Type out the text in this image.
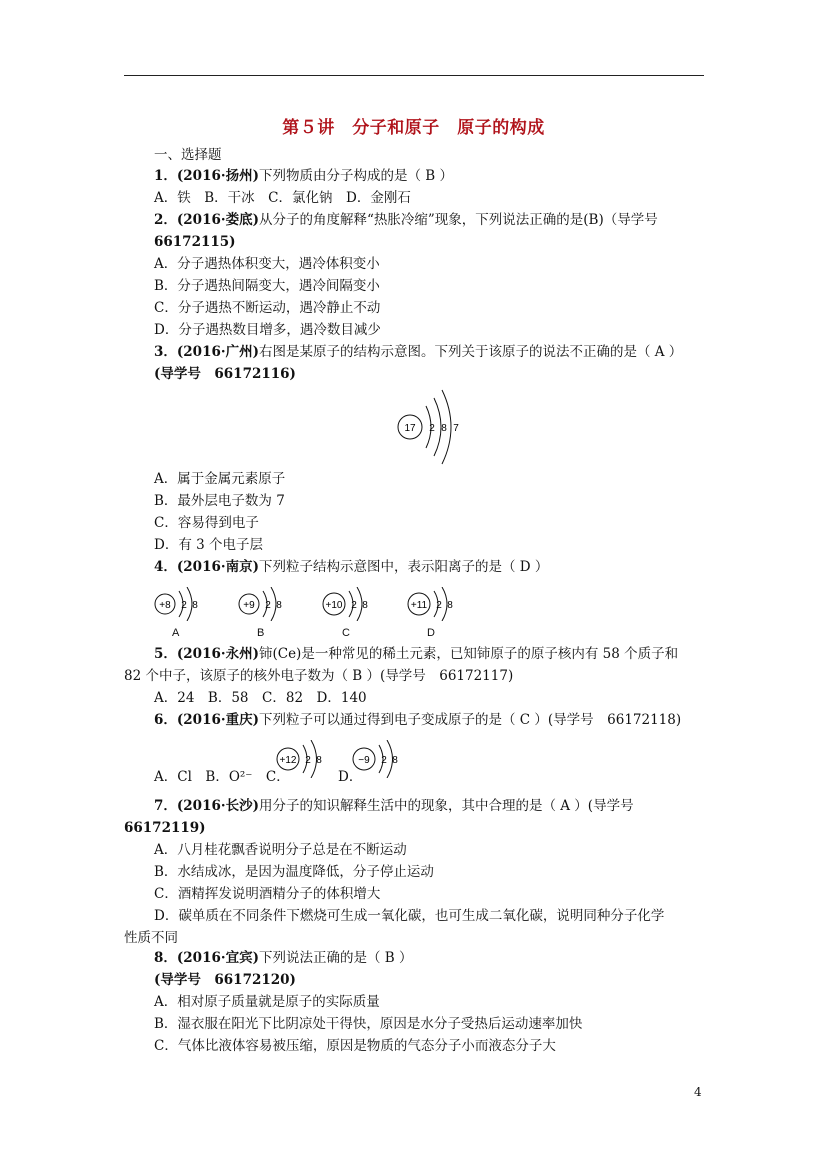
第５讲　分子和原子　原子的构成
一、选择题
1．(2016·扬州)下列物质由分子构成的是（ B ）
A．铁　B．干冰　C．氯化钠　D．金刚石
2．(2016·娄底)从分子的角度解释“热胀冷缩”现象，下列说法正确的是(B)（导学号
66172115)
A．分子遇热体积变大，遇冷体积变小
B．分子遇热间隔变大，遇冷间隔变小
C．分子遇热不断运动，遇冷静止不动
D．分子遇热数目增多，遇冷数目减少
3．(2016·广州)右图是某原子的结构示意图。下列关于该原子的说法不正确的是（ A ）
(导学号　66172116)
17 2 8 7
A．属于金属元素原子
B．最外层电子数为 7
C．容易得到电子
D．有 3 个电子层
4．(2016·南京)下列粒子结构示意图中，表示阳离子的是（ D ）
+8 2 8
A
+9 2 8
B
+10 2 8
C
+11 2 8
D
5．(2016·永州)铈(Ce)是一种常见的稀土元素，已知铈原子的原子核内有 58 个质子和
82 个中子，该原子的核外电子数为（ B ）(导学号　66172117)
A．24　B．58　C．82　D．140
6．(2016·重庆)下列粒子可以通过得到电子变成原子的是（ C ）(导学号　66172118)
A．Cl　B．O²⁻　C．
+12 2 8
D．
−9 2 8
7．(2016·长沙)用分子的知识解释生活中的现象，其中合理的是（ A ）(导学号
66172119)
A．八月桂花飘香说明分子总是在不断运动
B．水结成冰，是因为温度降低，分子停止运动
C．酒精挥发说明酒精分子的体积增大
D．碳单质在不同条件下燃烧可生成一氧化碳，也可生成二氧化碳，说明同种分子化学
性质不同
8．(2016·宜宾)下列说法正确的是（ B ）
(导学号　66172120)
A．相对原子质量就是原子的实际质量
B．湿衣服在阳光下比阴凉处干得快，原因是水分子受热后运动速率加快
C．气体比液体容易被压缩，原因是物质的气态分子小而液态分子大
4
